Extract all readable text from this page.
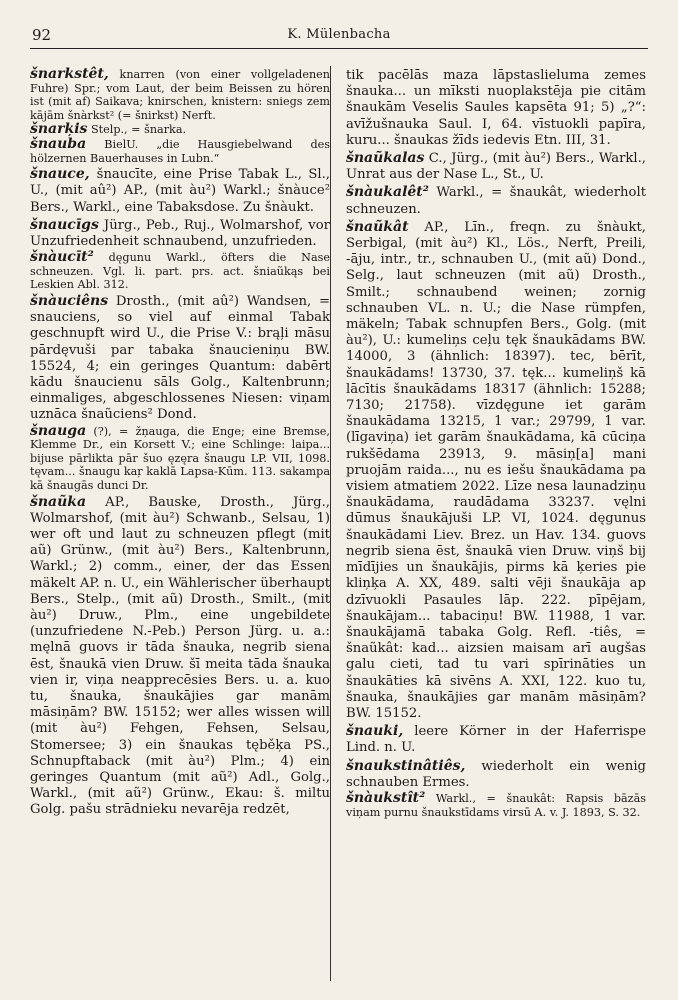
92	K. Mülenbacha

šnarkstêt, knarren (von einer vollgeladenen Fuhre) Spr.; vom Laut, der beim Beissen zu hören ist (mit af) Saikava; knirschen, knistern: sniegs zem kājām šnàrkst² (= šnirkst) Nerft.

šnarķis Stelp., = šnarka.

šnauba BielU. „die Hausgiebelwand des hölzernen Bauerhauses in Lubn.“

šnauce, šnaucīte, eine Prise Tabak L., Sl., U., (mit aû²) AP., (mit àu²) Warkl.; šnàuce² Bers., Warkl., eine Tabaksdose. Zu šnàukt.

šnaucīgs Jürg., Peb., Ruj., Wolmarshof, vor Unzufriedenheit schnaubend, unzufrieden.

šnàucīt² dęgunu Warkl., öfters die Nase schneuzen. Vgl. li. part. prs. act. šniaũkąs bei Leskien Abl. 312.

šnàuciêns Drosth., (mit aû²) Wandsen, = snauciens, so viel auf einmal Tabak geschnupft wird U., die Prise V.: brąļi māsu pārdęvuši par tabaka šnaucieniņu BW. 15524, 4; ein geringes Quantum: dabērt kādu šnaucienu sāls Golg., Kaltenbrunn; einmaliges, abgeschlossenes Niesen: viņam uznāca šnaũciens² Dond.

šnauga (?), = žņauga, die Enge; eine Bremse, Klemme Dr., ein Korsett V.; eine Schlinge: laipa... bijuse pārlikta pār šuo ęzęra šnaugu LP. VII, 1098. tęvam... šnaugu kaŗ kaklā Lapsa-Kūm. 113. sakampa kā šnaugās dunci Dr.

šnaũka AP., Bauske, Drosth., Jürg., Wolmarshof, (mit àu²) Schwanb., Selsau, 1) wer oft und laut zu schneuzen pflegt (mit aũ) Grünw., (mit àu²) Bers., Kaltenbrunn, Warkl.; 2) comm., einer, der das Essen mäkelt AP. n. U., ein Wählerischer überhaupt Bers., Stelp., (mit aũ) Drosth., Smilt., (mit àu²) Druw., Plm., eine ungebildete (unzufriedene N.-Peb.) Person Jürg. u. a.: męlnā guovs ir tāda šnauka, negrib siena ēst, šnaukā vien Druw. šī meita tāda šnauka vien ir, viņa neapprecēsies Bers. u. a. kuo tu, šnauka, šnaukājies gar manām māsiņām? BW. 15152; wer alles wissen will (mit àu²) Fehgen, Fehsen, Selsau, Stomersee; 3) ein šnaukas tęběķa PS., Schnupftaback (mit àu²) Plm.; 4) ein geringes Quantum (mit aũ²) Adl., Golg., Warkl., (mit aũ²) Grünw., Ekau: š. miltu Golg. pašu strādnieku nevarēja redzēt,

tik pacēlās maza lāpstaslieluma zemes šnauka... un mīksti nuoplakstēja pie citām šnaukām Veselis Saules kapsēta 91; 5) „?“: avīžušnauka Saul. I, 64. vīstuokli papīra, kuru... šnaukas žīds iedevis Etn. III, 31.

šnaũkalas C., Jürg., (mit àu²) Bers., Warkl., Unrat aus der Nase L., St., U.

šnàukalêt² Warkl., = šnaukât, wiederholt schneuzen.

šnaũkât AP., Līn., freqn. zu šnàukt, Serbigal, (mit àu²) Kl., Lös., Nerft, Preili, -āju, intr., tr., schnauben U., (mit aũ) Dond., Selg., laut schneuzen (mit aũ) Drosth., Smilt.; schnaubend weinen; zornig schnauben VL. n. U.; die Nase rümpfen, mäkeln; Tabak schnupfen Bers., Golg. (mit àu²), U.: kumeliņs ceļu tęk šnaukādams BW. 14000, 3 (ähnlich: 18397). tec, bērīt, šnaukādams! 13730, 37. tęk... kumeliņš kā lācītis šnaukādams 18317 (ähnlich: 15288; 7130; 21758). vīzdęgune iet garām šnaukādama 13215, 1 var.; 29799, 1 var. (līgaviņa) iet garām šnaukādama, kā cūciņa rukšēdama 23913, 9. māsiņ[a] mani pruojām raida..., nu es iešu šnaukādama pa visiem atmatiem 2022. Līze nesa launadziņu šnaukādama, raudādama 33237. vęlni dūmus šnaukājuši LP. VI, 1024. dęgunus šnaukādami Liev. Brez. un Hav. 134. guovs negrib siena ēst, šnaukā vien Druw. viņš bij mīdījies un šnaukājis, pirms kā ķeries pie kliņķa A. XX, 489. salti vēji šnaukāja ap dzīvuokli Pasaules lāp. 222. pīpējam, šnaukājam... tabaciņu! BW. 11988, 1 var. šnaukājamā tabaka Golg. Refl. -tiês, = šnaũkât: kad... aizsien maisam arī augšas galu cieti, tad tu vari spīrināties un šnaukāties kā sivēns A. XXI, 122. kuo tu, šnauka, šnaukājies gar manām māsiņām? BW. 15152.

šnauki, leere Körner in der Haferrispe Lind. n. U.

šnaukstinâtiês, wiederholt ein wenig schnauben Ermes.

šnàukstît² Warkl., = šnaukât: Rapsis bāzās viņam purnu šnaukstīdams virsū A. v. J. 1893, S. 32.
